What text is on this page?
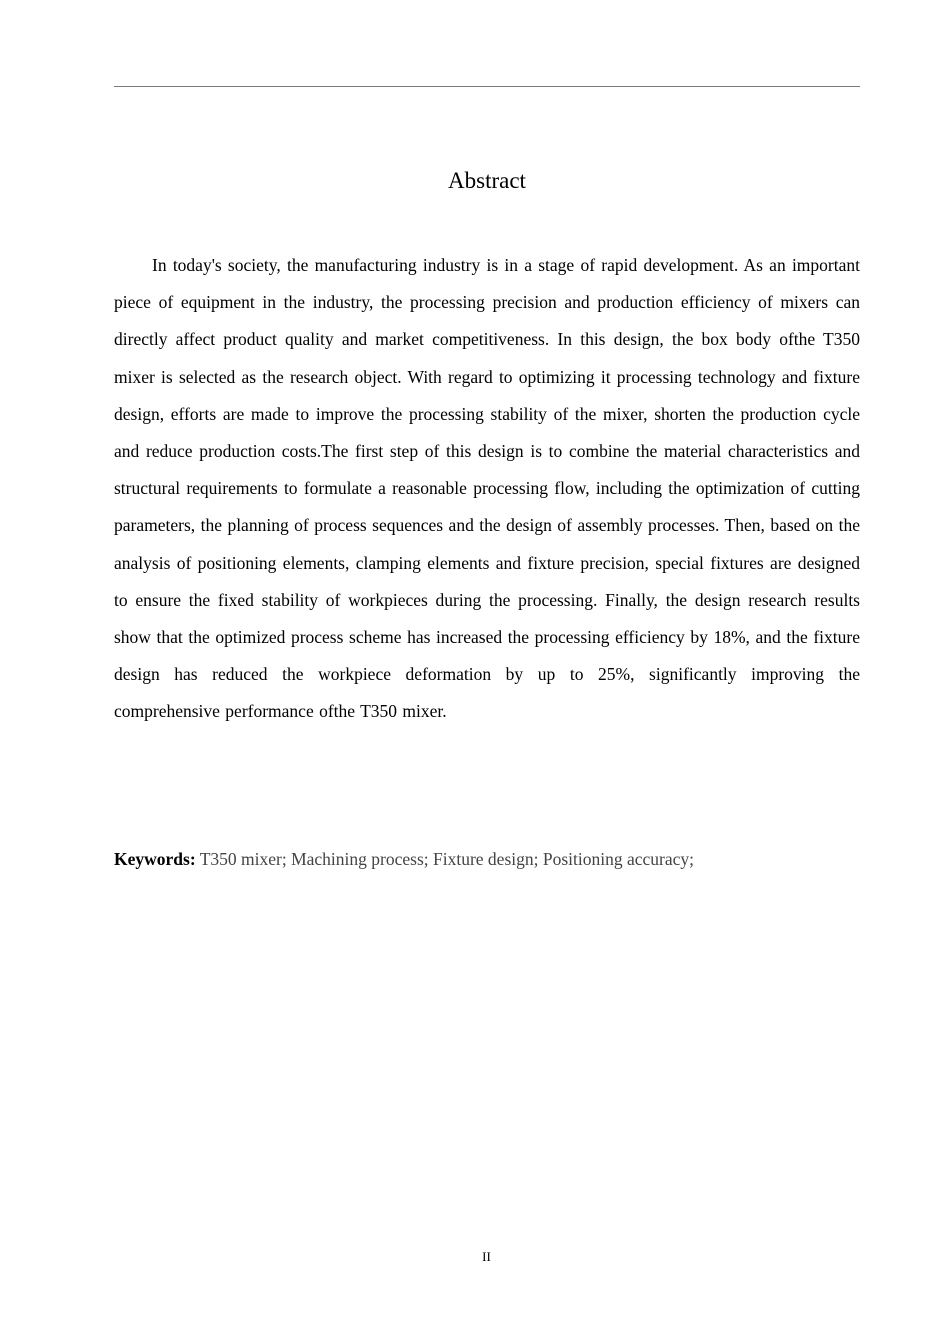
Abstract

In today's society, the manufacturing industry is in a stage of rapid development. As an important piece of equipment in the industry, the processing precision and production efficiency of mixers can directly affect product quality and market competitiveness. In this design, the box body ofthe T350 mixer is selected as the research object. With regard to optimizing it processing technology and fixture design, efforts are made to improve the processing stability of the mixer, shorten the production cycle and reduce production costs.The first step of this design is to combine the material characteristics and structural requirements to formulate a reasonable processing flow, including the optimization of cutting parameters, the planning of process sequences and the design of assembly processes. Then, based on the analysis of positioning elements, clamping elements and fixture precision, special fixtures are designed to ensure the fixed stability of workpieces during the processing. Finally, the design research results show that the optimized process scheme has increased the processing efficiency by 18%, and the fixture design has reduced the workpiece deformation by up to 25%, significantly improving the comprehensive performance ofthe T350 mixer.

Keywords: T350 mixer; Machining process; Fixture design; Positioning accuracy;

II
